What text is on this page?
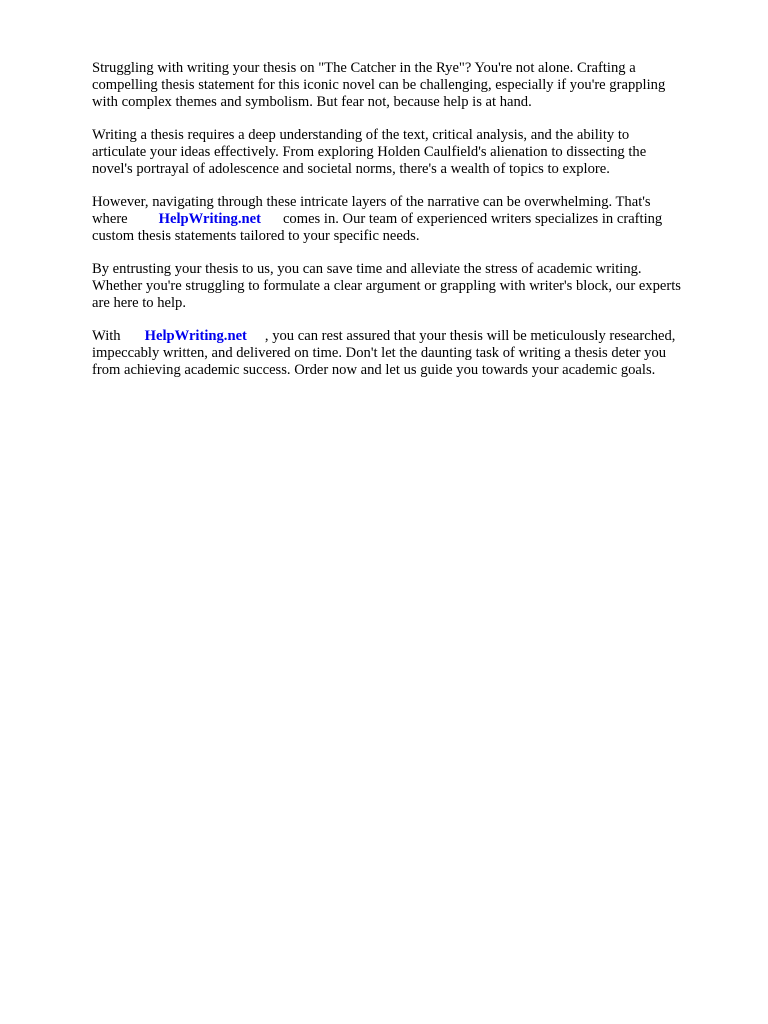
Struggling with writing your thesis on "The Catcher in the Rye"? You're not alone. Crafting a
compelling thesis statement for this iconic novel can be challenging, especially if you're grappling
with complex themes and symbolism. But fear not, because help is at hand.

Writing a thesis requires a deep understanding of the text, critical analysis, and the ability to
articulate your ideas effectively. From exploring Holden Caulfield's alienation to dissecting the
novel's portrayal of adolescence and societal norms, there's a wealth of topics to explore.

However, navigating through these intricate layers of the narrative can be overwhelming. That's
where HelpWriting.net comes in. Our team of experienced writers specializes in crafting
custom thesis statements tailored to your specific needs.

By entrusting your thesis to us, you can save time and alleviate the stress of academic writing.
Whether you're struggling to formulate a clear argument or grappling with writer's block, our experts
are here to help.

With HelpWriting.net , you can rest assured that your thesis will be meticulously researched,
impeccably written, and delivered on time. Don't let the daunting task of writing a thesis deter you
from achieving academic success. Order now and let us guide you towards your academic goals.
